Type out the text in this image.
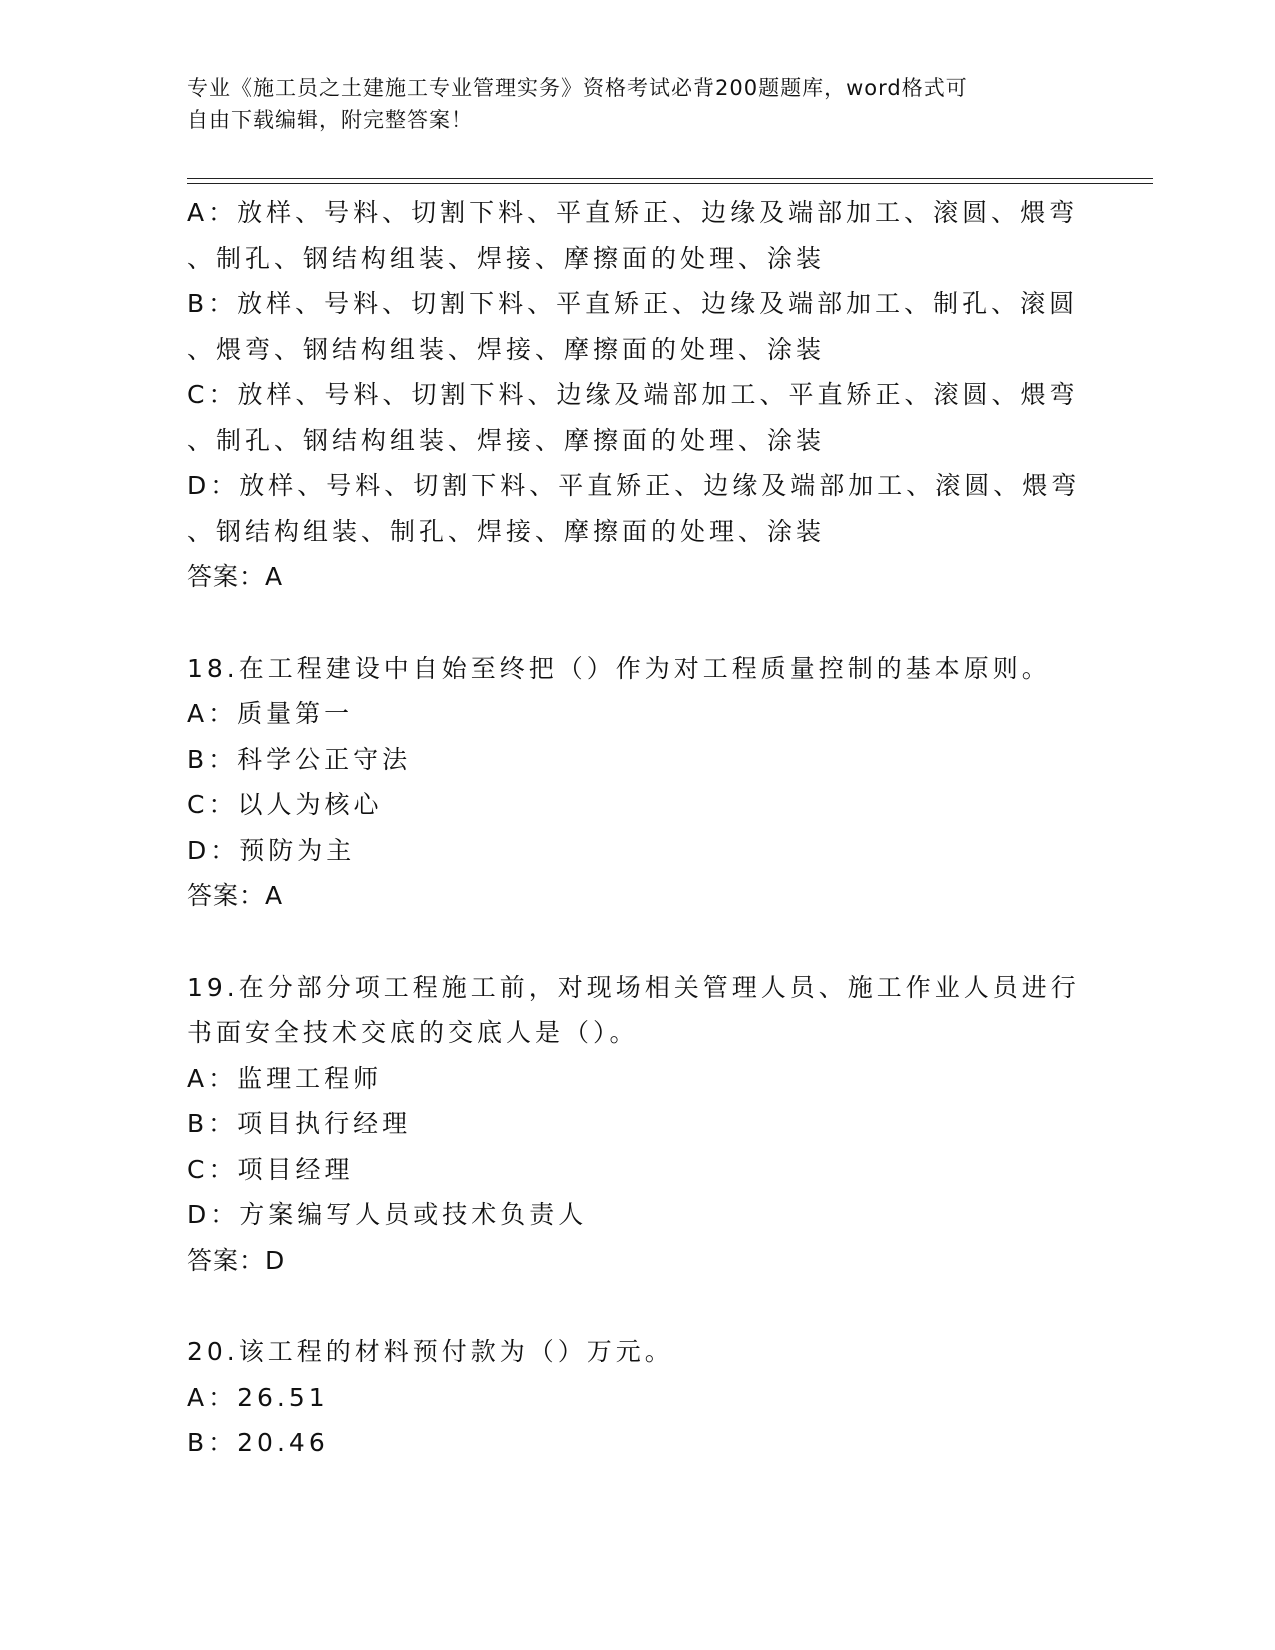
专业《施工员之土建施工专业管理实务》资格考试必背200题题库，word格式可
自由下载编辑，附完整答案！
A：放样、号料、切割下料、平直矫正、边缘及端部加工、滚圆、煨弯
、制孔、钢结构组装、焊接、摩擦面的处理、涂装
B：放样、号料、切割下料、平直矫正、边缘及端部加工、制孔、滚圆
、煨弯、钢结构组装、焊接、摩擦面的处理、涂装
C：放样、号料、切割下料、边缘及端部加工、平直矫正、滚圆、煨弯
、制孔、钢结构组装、焊接、摩擦面的处理、涂装
D：放样、号料、切割下料、平直矫正、边缘及端部加工、滚圆、煨弯
、钢结构组装、制孔、焊接、摩擦面的处理、涂装
答案：A
18.在工程建设中自始至终把（）作为对工程质量控制的基本原则。
A：质量第一
B：科学公正守法
C：以人为核心
D：预防为主
答案：A
19.在分部分项工程施工前，对现场相关管理人员、施工作业人员进行
书面安全技术交底的交底人是（）。
A：监理工程师
B：项目执行经理
C：项目经理
D：方案编写人员或技术负责人
答案：D
20.该工程的材料预付款为（）万元。
A：26.51
B：20.46
